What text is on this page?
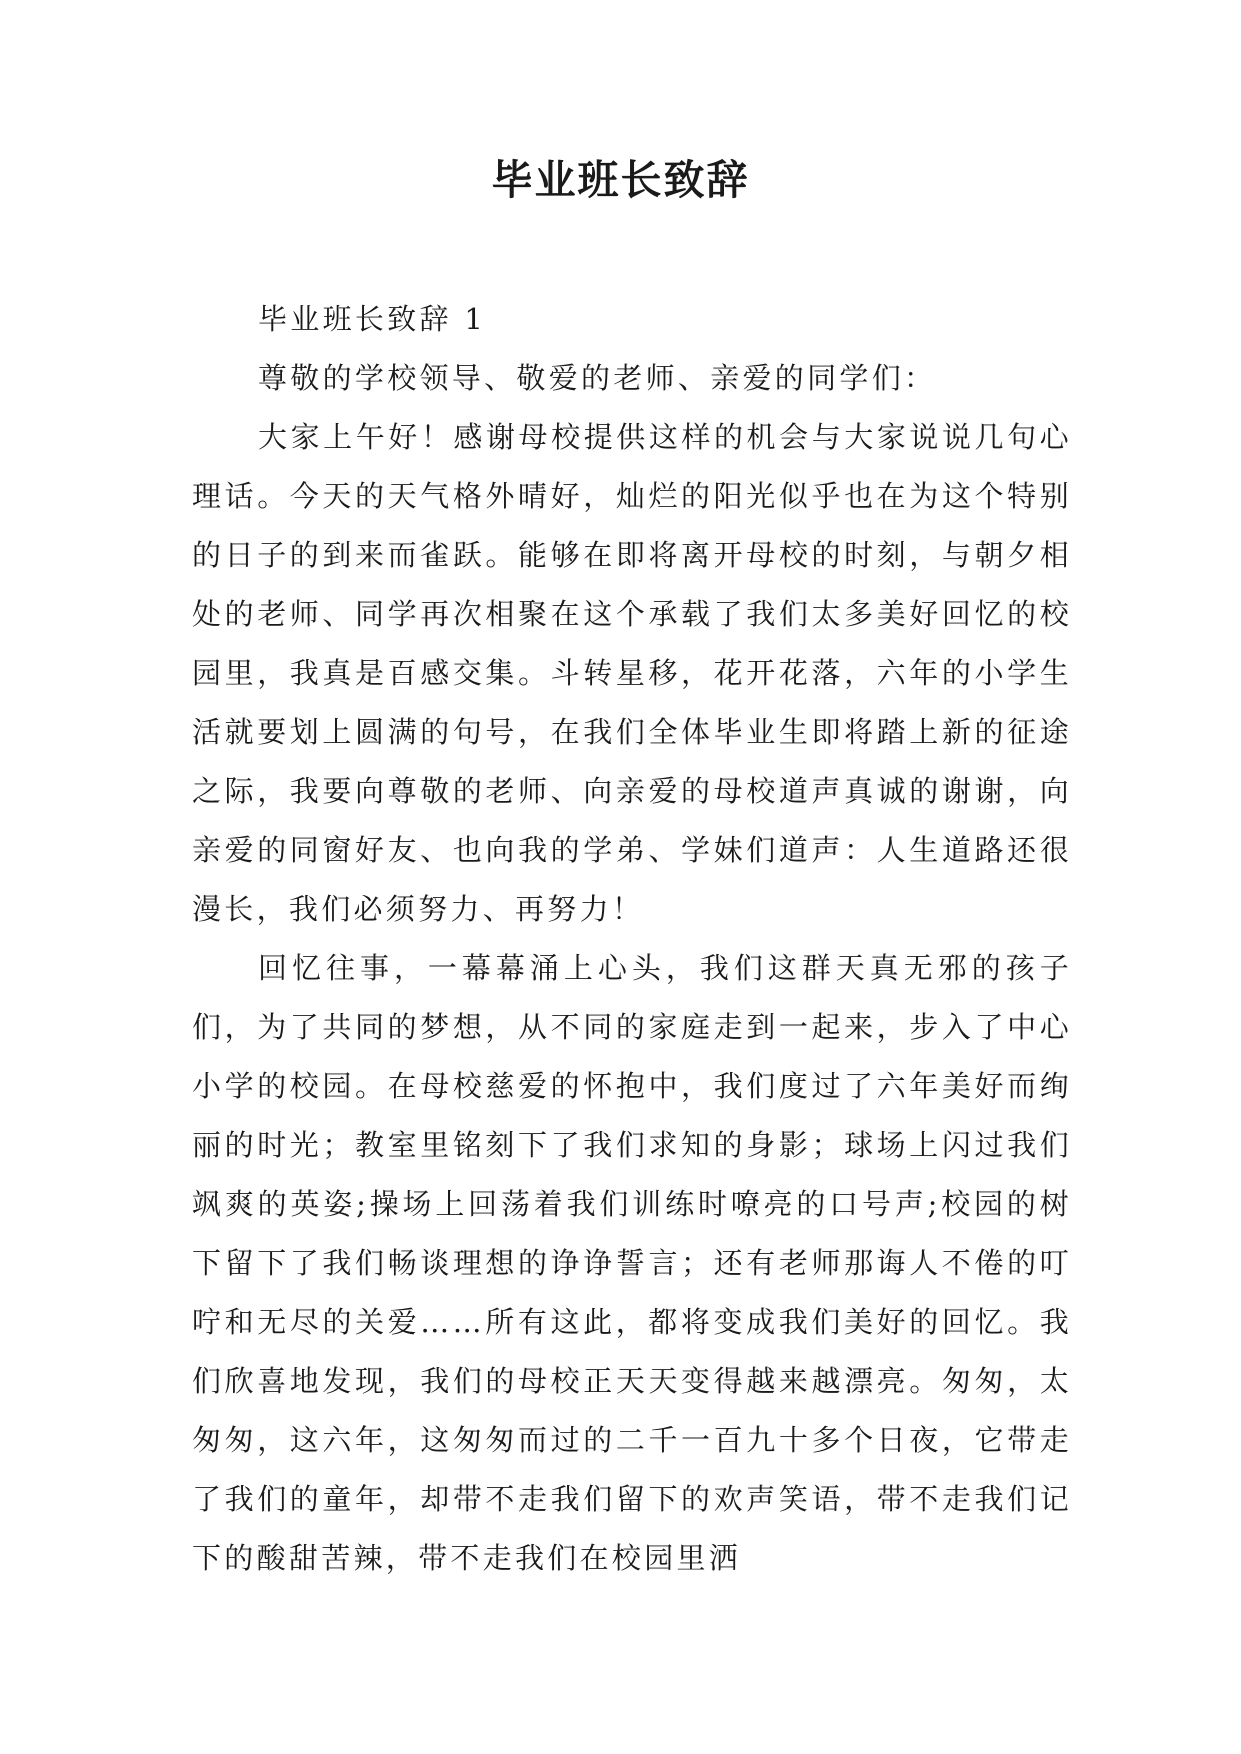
毕业班长致辞

毕业班长致辞 1

尊敬的学校领导、敬爱的老师、亲爱的同学们：

大家上午好！感谢母校提供这样的机会与大家说说几句心理话。今天的天气格外晴好，灿烂的阳光似乎也在为这个特别的日子的到来而雀跃。能够在即将离开母校的时刻，与朝夕相处的老师、同学再次相聚在这个承载了我们太多美好回忆的校园里，我真是百感交集。斗转星移，花开花落，六年的小学生活就要划上圆满的句号，在我们全体毕业生即将踏上新的征途之际，我要向尊敬的老师、向亲爱的母校道声真诚的谢谢，向亲爱的同窗好友、也向我的学弟、学妹们道声：人生道路还很漫长，我们必须努力、再努力！

回忆往事，一幕幕涌上心头，我们这群天真无邪的孩子们，为了共同的梦想，从不同的家庭走到一起来，步入了中心小学的校园。在母校慈爱的怀抱中，我们度过了六年美好而绚丽的时光；教室里铭刻下了我们求知的身影；球场上闪过我们飒爽的英姿;操场上回荡着我们训练时嘹亮的口号声;校园的树下留下了我们畅谈理想的诤诤誓言；还有老师那诲人不倦的叮咛和无尽的关爱……所有这此，都将变成我们美好的回忆。我们欣喜地发现，我们的母校正天天变得越来越漂亮。匆匆，太匆匆，这六年，这匆匆而过的二千一百九十多个日夜，它带走了我们的童年，却带不走我们留下的欢声笑语，带不走我们记下的酸甜苦辣，带不走我们在校园里洒
